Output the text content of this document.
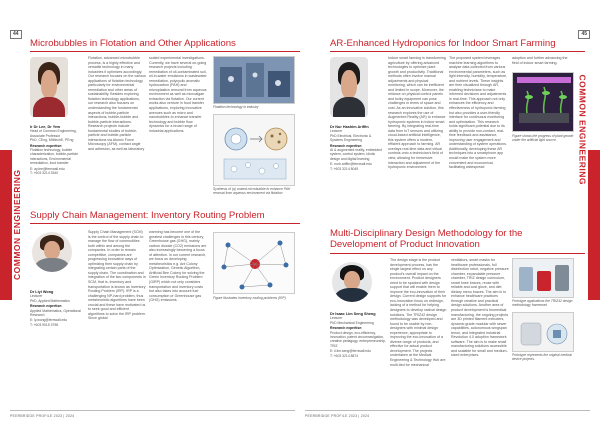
44
COMMON ENGINEERING
Microbubbles in Flotation and Other Applications
Ir Dr Lee, Dr Yew
Head of Common Engineering, Associate Professor
PhD, CEng, MIMechE, PEng
Research expertise:
Flotation technology, bubble characterization, bubble-particle interactions, Environmental remediation, food transfer
E: ay.lee@fernwall.edu
T: +603 3214 3340
Flotation, advanced microbubble process, is a highly effective and versatile technology in many industries it optimizes accordingly. Our research focuses on the various applications of flotation technology particularly for environmental remediation and other areas of sustainability. Besides exploring flotation technology applications, our research also focuses on understanding the fundamental aspects of bubble-particle interactions, bubble-bubble and bubble-particle interactions. Research projects include fundamental studies of bubble-particle and bubble-particle interactions via Atomic Force Microscopy (AFM), contact angle and adhesion, as well as laboratory
scaled experimental investigations. Currently, we have several on-going research projects including remediation of oil-contaminated soil, oil-in-water emulsions in wastewater remediation, polycyclic aromatic hydrocarbon (PAH) and microplastics removal from aqueous environment as well as microalgae extraction via flotation. Our current works also venture in food transfer applications, exploring innovative avenues such as micro and nanobubbles to enhance transfer technology and bubble flow dynamics for a broad range of industrial applications.
Flotation technology in industry
Synthesis of (a) coated microbubble to enhance PAH removal from aqueous environment via flotation
Supply Chain Management: Inventory Routing Problem
Dr Liyi Wong
Lecturer
PhD, Applied Mathematics
Research expertise:
Applied Mathematics, Operational Research
E: ly.wong@fernwall.edu
T: +603 9015 3798
Supply Chain Management (SCM) is the control of the supply chain to manage the flow of commodities both within and among the companies. In order to remain competitive, companies are progressing innovative ways of optimizing their supply chain by integrating certain parts of the supply chain. The coordination and integration of the two components in SCM, that is, inventory and transportation is known as Inventory Routing Problem (IRP). IRP is a challenging NP-hard problem, thus metaheuristic algorithms have been crucial and these have motivated us to seek good and efficient algorithms to solve the IRP problem. Since global
warming has become one of the greatest challenges in this century, Greenhouse gas (GHG), mainly carbon dioxide (CO2) emissions are also increasingly becoming a focus of attention. In our current research, we focus on developing metaheuristics e.g. Ant Colony Optimization, Genetic Algorithm, Artificial Bee Colony for solving the Green Inventory Routing Problem (GIRP) which not only considers transportation and inventory costs but also takes into account fuel consumption or Greenhouse gas (GHG) emissions.
Figure illustrates Inventory routing problems (IRP)
PEERBRIDGE PROFILE 2023 | 2024
45
COMMON ENGINEERING
AR-Enhanced Hydroponics for Indoor Smart Farming
Dr Nur Hashim Ariffin
Lecturer
PhD Electrical, Electronic & Systems Engineering
Research expertise:
AI & augmented reality, embedded system, control system, Idiotic design and digital learning
E: nurh.ariffin@fernwall.edu
T: +603 3214 8045
Indoor smart farming is transforming agriculture by offering advanced technologies to optimize plant growth and productivity. Traditional methods often involve manual adjustments and physical monitoring, which can be inefficient and limited in scope. Moreover, the reliance on physical control panels and bulky equipment can pose challenges in terms of space and cost. As an innovative solution, this research explores the use of Augmented Reality (AR) to enhance hydroponic systems in indoor smart farming. By integrating real-time data from IoT sensors and utilizing cloud-based artificial intelligence, this system offers a modern, efficient approach to farming. AR overlays real-time data and virtual controls onto a technician's field of view, allowing for immersive interaction and adjustment of the hydroponic environment.
The proposed system leverages machine learning algorithms to analyse data collected from various environmental parameters, such as light intensity, humidity, temperature, and nutrient levels. These insights are then visualized through AR, enabling technicians to make informed decisions and adjustments in real-time. This approach not only enhances the efficiency and effectiveness of hydroponic farming but also provides a user-friendly interface for continuous monitoring and optimization. This research holds significant potential due to its ability to provide non-contact, real-time feedback and assistance, improving user engagement and understanding of system operations. Additionally, developing these AR techniques into a smartphone app would make the system more convenient and economical, facilitating widespread
adoption and further advancing the field of indoor smart farming.
Figure shows the progress of plant growth under the artificial light source.
Multi-Disciplinary Design Methodology for the Development of Product Innovation
Dr Isaac Lim Seng Sheng
Lecturer
PhD Mechanical Engineering
Research expertise:
Product design, eco-efficiency, innovation, patent circumnavigation, creative pedagogy, entrepreneurship, TRIZ
E: il.lim.seng@fernwall.edu
T: +603 3214 8874
The design stage is the product development process, has the single largest effect on any product's overall impact on the environment. Product designers need to be sparked with design support that will enable them to improve the eco-innovation of their design. Current design supports for eco-innovation focus on redesign, lacking of a method for helping designers to develop radical design solutions. The TRIZ42 design methodology was developed and found to be usable by non-designers with minimal design experience, appropriate to improving the eco-innovation of a diverse range of products, and effective for actual product development. The projects undertaken at the Medical Engineering & Technology Hub are multi-tied for mechanical
ventilators, smart masks for healthcare professionals, full disinfection robot, negative pressure chamber, expandable pressure chamber, TRIZ design curriculum, smart knee braces, reuse with reliable and cost glove, and diet dietary menu braces. The aim is to enhance healthcare practices through creative and practical design solutions. Another area of product development is biomedical manufacturing, the ongoing projects are 3D printed filament extruders, dynamic grade modular with sewer capabilities, autonomous wingspan tenon, and integrated industrial Revolution 4.0 adoption framework software. The aim is to make small manufacturing solutions accessible and scalable for small and medium-sized enterprises.
Prototype applications the TRIZ42 design methodology framework
Prototype represents the original medical device projects.
PEERBRIDGE PROFILE 2023 | 2024
